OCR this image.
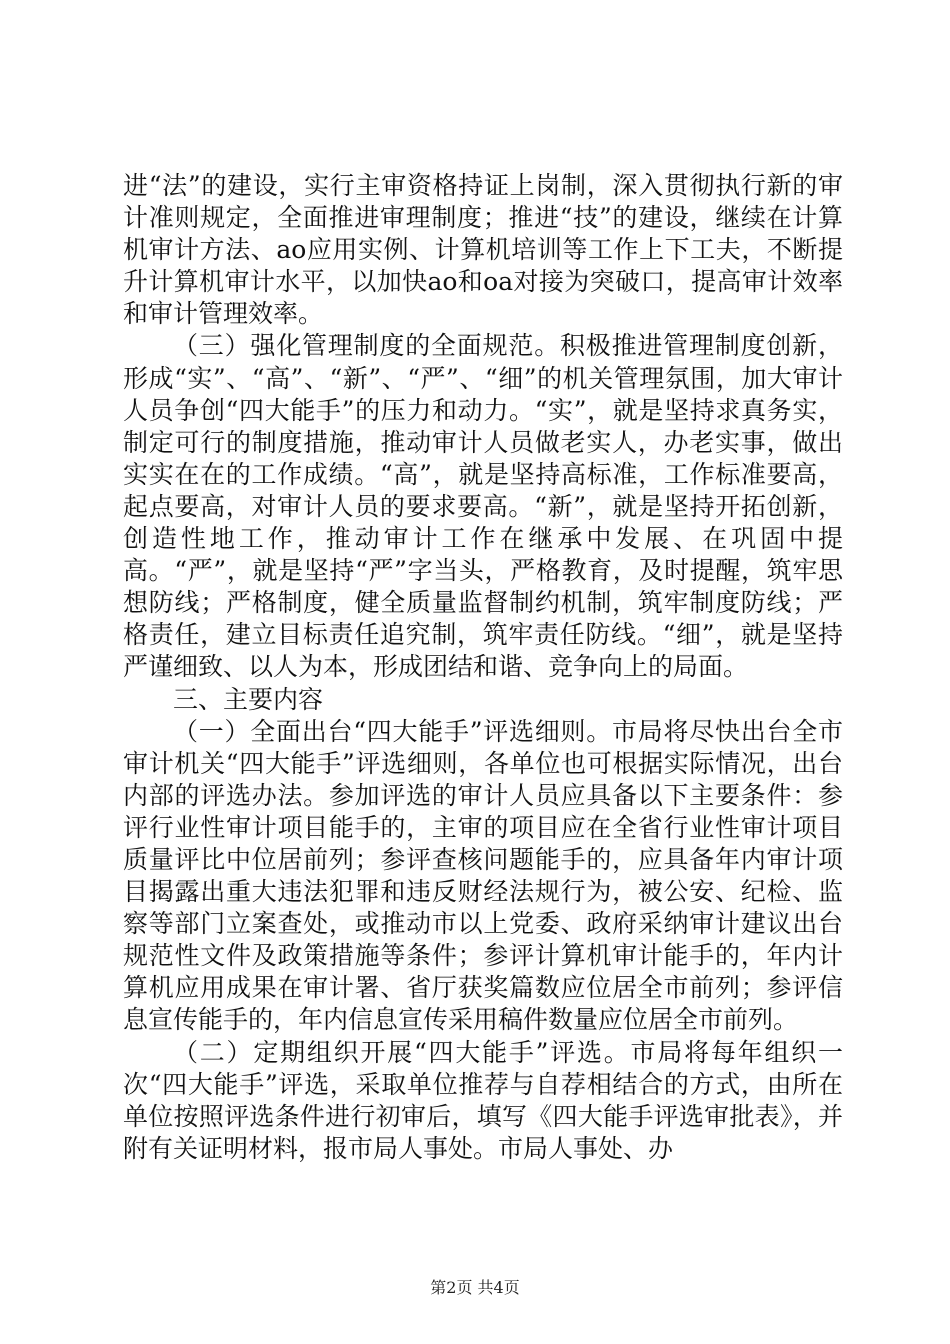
进“法”的建设，实行主审资格持证上岗制，深入贯彻执行新的审计准则规定，全面推进审理制度；推进“技”的建设，继续在计算机审计方法、ao应用实例、计算机培训等工作上下工夫，不断提升计算机审计水平，以加快ao和oa对接为突破口，提高审计效率和审计管理效率。

（三）强化管理制度的全面规范。积极推进管理制度创新，形成“实”、“高”、“新”、“严”、“细”的机关管理氛围，加大审计人员争创“四大能手”的压力和动力。“实”，就是坚持求真务实，制定可行的制度措施，推动审计人员做老实人，办老实事，做出实实在在的工作成绩。“高”，就是坚持高标准，工作标准要高，起点要高，对审计人员的要求要高。“新”，就是坚持开拓创新，创造性地工作，推动审计工作在继承中发展、在巩固中提高。“严”，就是坚持“严”字当头，严格教育，及时提醒，筑牢思想防线；严格制度，健全质量监督制约机制，筑牢制度防线；严格责任，建立目标责任追究制，筑牢责任防线。“细”，就是坚持严谨细致、以人为本，形成团结和谐、竞争向上的局面。

三、主要内容

（一）全面出台“四大能手”评选细则。市局将尽快出台全市审计机关“四大能手”评选细则，各单位也可根据实际情况，出台内部的评选办法。参加评选的审计人员应具备以下主要条件：参评行业性审计项目能手的，主审的项目应在全省行业性审计项目质量评比中位居前列；参评查核问题能手的，应具备年内审计项目揭露出重大违法犯罪和违反财经法规行为，被公安、纪检、监察等部门立案查处，或推动市以上党委、政府采纳审计建议出台规范性文件及政策措施等条件；参评计算机审计能手的，年内计算机应用成果在审计署、省厅获奖篇数应位居全市前列；参评信息宣传能手的，年内信息宣传采用稿件数量应位居全市前列。

（二）定期组织开展“四大能手”评选。市局将每年组织一次“四大能手”评选，采取单位推荐与自荐相结合的方式，由所在单位按照评选条件进行初审后，填写《四大能手评选审批表》，并附有关证明材料，报市局人事处。市局人事处、办

第2页 共4页
